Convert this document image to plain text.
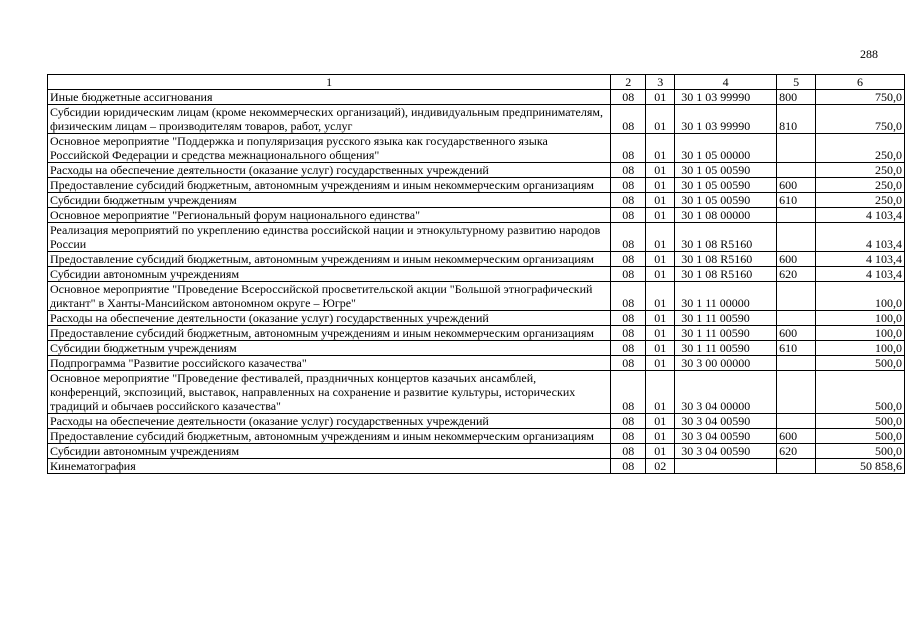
288
1	2	3	4	5	6
Иные бюджетные ассигнования	08	01	30 1 03 99990	800	750,0
Субсидии юридическим лицам (кроме некоммерческих организаций), индивидуальным предпринимателям, физическим лицам – производителям товаров, работ, услуг	08	01	30 1 03 99990	810	750,0
Основное мероприятие "Поддержка и популяризация русского языка как государственного языка Российской Федерации и средства межнационального общения"	08	01	30 1 05 00000		250,0
Расходы на обеспечение деятельности (оказание услуг) государственных учреждений	08	01	30 1 05 00590		250,0
Предоставление субсидий бюджетным, автономным учреждениям и иным некоммерческим организациям	08	01	30 1 05 00590	600	250,0
Субсидии бюджетным учреждениям	08	01	30 1 05 00590	610	250,0
Основное мероприятие "Региональный форум национального единства"	08	01	30 1 08 00000		4 103,4
Реализация мероприятий по укреплению единства российской нации и этнокультурному развитию народов России	08	01	30 1 08 R5160		4 103,4
Предоставление субсидий бюджетным, автономным учреждениям и иным некоммерческим организациям	08	01	30 1 08 R5160	600	4 103,4
Субсидии автономным учреждениям	08	01	30 1 08 R5160	620	4 103,4
Основное мероприятие "Проведение Всероссийской просветительской акции "Большой этнографический диктант" в Ханты-Мансийском автономном округе – Югре"	08	01	30 1 11 00000		100,0
Расходы на обеспечение деятельности (оказание услуг) государственных учреждений	08	01	30 1 11 00590		100,0
Предоставление субсидий бюджетным, автономным учреждениям и иным некоммерческим организациям	08	01	30 1 11 00590	600	100,0
Субсидии бюджетным учреждениям	08	01	30 1 11 00590	610	100,0
Подпрограмма "Развитие российского казачества"	08	01	30 3 00 00000		500,0
Основное мероприятие "Проведение фестивалей, праздничных концертов казачьих ансамблей, конференций, экспозиций, выставок, направленных на сохранение и развитие культуры, исторических традиций и обычаев российского казачества"	08	01	30 3 04 00000		500,0
Расходы на обеспечение деятельности (оказание услуг) государственных учреждений	08	01	30 3 04 00590		500,0
Предоставление субсидий бюджетным, автономным учреждениям и иным некоммерческим организациям	08	01	30 3 04 00590	600	500,0
Субсидии автономным учреждениям	08	01	30 3 04 00590	620	500,0
Кинематография	08	02			50 858,6
